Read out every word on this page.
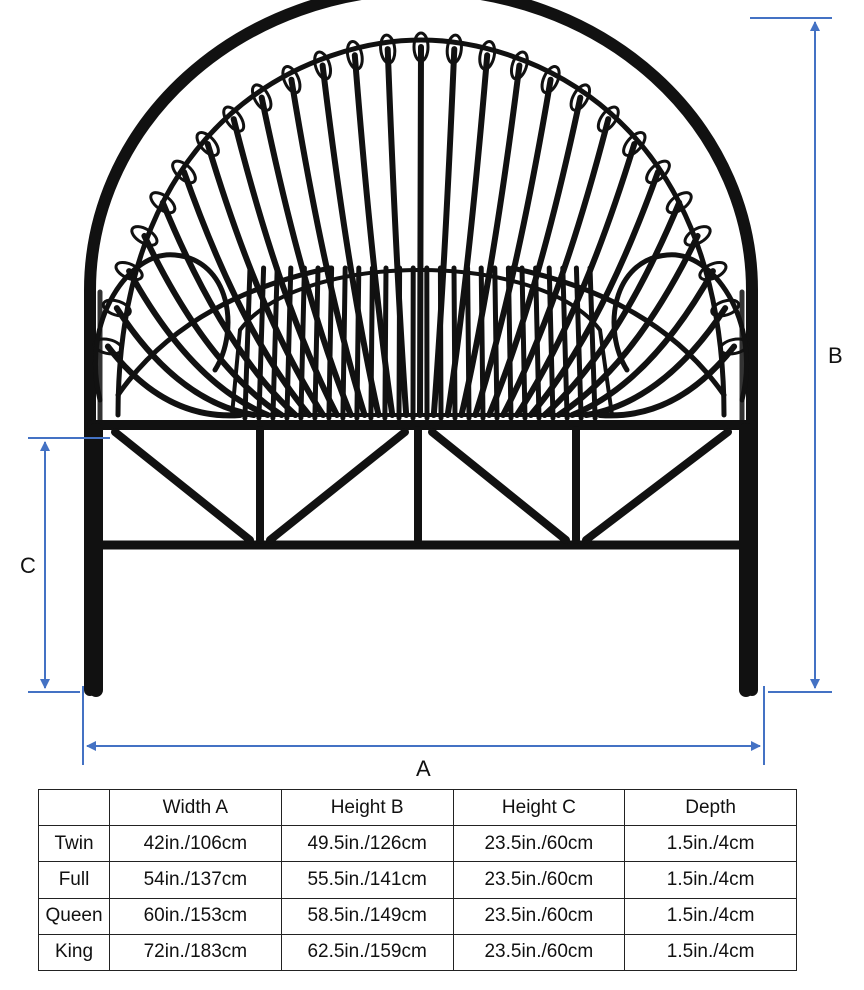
A
B
C
	Width A	Height B	Height C	Depth
Twin	42in./106cm	49.5in./126cm	23.5in./60cm	1.5in./4cm
Full	54in./137cm	55.5in./141cm	23.5in./60cm	1.5in./4cm
Queen	60in./153cm	58.5in./149cm	23.5in./60cm	1.5in./4cm
King	72in./183cm	62.5in./159cm	23.5in./60cm	1.5in./4cm
